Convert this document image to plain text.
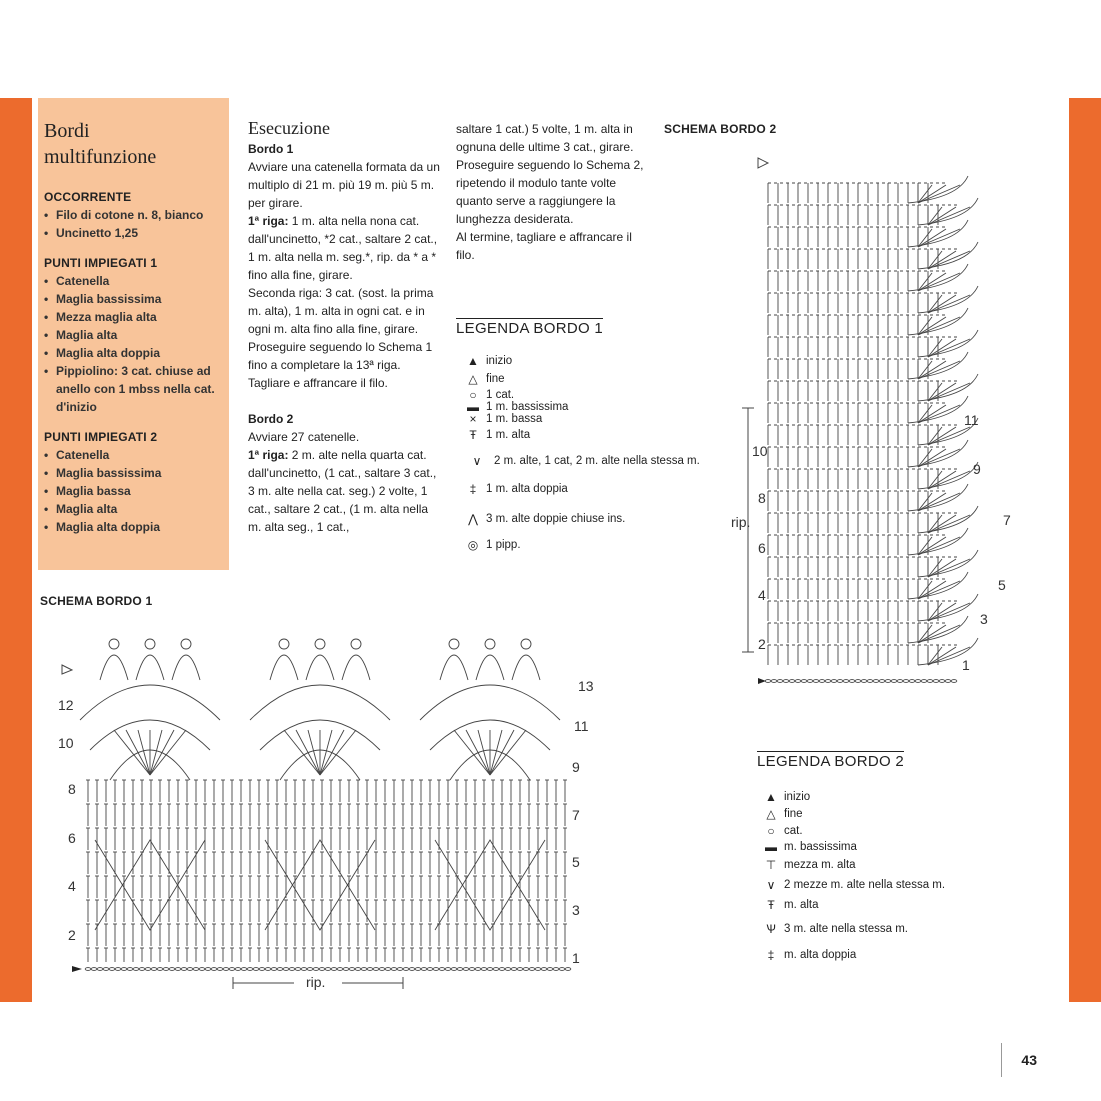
Bordi
multifunzione
OCCORRENTE
• Filo di cotone n. 8, bianco
• Uncinetto 1,25
PUNTI IMPIEGATI 1
• Catenella
• Maglia bassissima
• Mezza maglia alta
• Maglia alta
• Maglia alta doppia
• Pippiolino: 3 cat. chiuse ad anello con 1 mbss nella cat. d'inizio
PUNTI IMPIEGATI 2
• Catenella
• Maglia bassissima
• Maglia bassa
• Maglia alta
• Maglia alta doppia
Esecuzione
Bordo 1
Avviare una catenella formata da un multiplo di 21 m. più 19 m. più 5 m. per girare.
1ª riga: 1 m. alta nella nona cat. dall'uncinetto, *2 cat., saltare 2 cat., 1 m. alta nella m. seg.*, rip. da * a * fino alla fine, girare.
Seconda riga: 3 cat. (sost. la prima m. alta), 1 m. alta in ogni cat. e in ogni m. alta fino alla fine, girare.
Proseguire seguendo lo Schema 1 fino a completare la 13ª riga. Tagliare e affrancare il filo.
Bordo 2
Avviare 27 catenelle.
1ª riga: 2 m. alte nella quarta cat. dall'uncinetto, (1 cat., saltare 3 cat., 3 m. alte nella cat. seg.) 2 volte, 1 cat., saltare 2 cat., (1 m. alta nella m. alta seg., 1 cat.,
saltare 1 cat.) 5 volte, 1 m. alta in ognuna delle ultime 3 cat., girare.
Proseguire seguendo lo Schema 2, ripetendo il modulo tante volte quanto serve a raggiungere la lunghezza desiderata.
Al termine, tagliare e affrancare il filo.
LEGENDA BORDO 1
▲ inizio
△ fine
○ 1 cat.
▬ 1 m. bassissima
× 1 m. bassa
Ŧ 1 m. alta
∨	2 m. alte, 1 cat, 2 m. alte nella stessa m.
‡ 1 m. alta doppia
⋀ 3 m. alte doppie chiuse ins.
◎ 1 pipp.
LEGENDA BORDO 2
▲ inizio
△ fine
○ cat.
▬ m. bassissima
⊤ mezza m. alta
∨ 2 mezze m. alte nella stessa m.
Ŧ m. alta
Ѱ 3 m. alte nella stessa m.
‡ m. alta doppia
SCHEMA BORDO 1
SCHEMA BORDO 2
12
10
8
6
4
2
13
11
9
7
5
3
1
rip.
rip.
10
8
6
4
2
11
9
7
5
3
1
43
